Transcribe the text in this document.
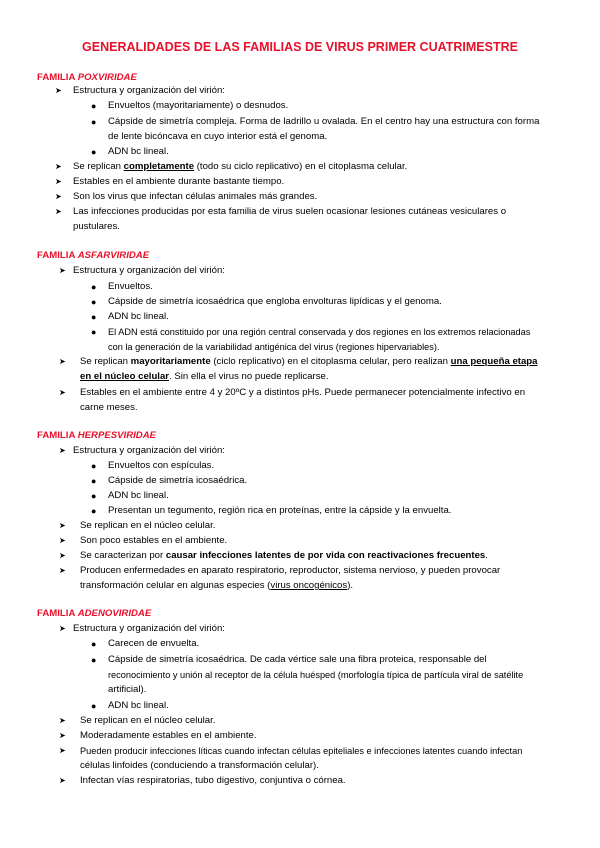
GENERALIDADES DE LAS FAMILIAS DE VIRUS PRIMER CUATRIMESTRE
FAMILIA POXVIRIDAE
➤ Estructura y organización del virión:
● Envueltos (mayoritariamente) o desnudos.
● Cápside de simetría compleja. Forma de ladrillo u ovalada. En el centro hay una estructura con forma
de lente bicóncava en cuyo interior está el genoma.
● ADN bc lineal.
➤ Se replican completamente (todo su ciclo replicativo) en el citoplasma celular.
➤ Estables en el ambiente durante bastante tiempo.
➤ Son los virus que infectan células animales más grandes.
➤ Las infecciones producidas por esta familia de virus suelen ocasionar lesiones cutáneas vesiculares o
pustulares.
FAMILIA ASFARVIRIDAE
➤ Estructura y organización del virión:
● Envueltos.
● Cápside de simetría icosaédrica que engloba envolturas lipídicas y el genoma.
● ADN bc lineal.
● El ADN está constituido por una región central conservada y dos regiones en los extremos relacionadas
con la generación de la variabilidad antigénica del virus (regiones hipervariables).
➤ Se replican mayoritariamente (ciclo replicativo) en el citoplasma celular, pero realizan una pequeña etapa
en el núcleo celular. Sin ella el virus no puede replicarse.
➤ Estables en el ambiente entre 4 y 20ºC y a distintos pHs. Puede permanecer potencialmente infectivo en
carne meses.
FAMILIA HERPESVIRIDAE
➤ Estructura y organización del virión:
● Envueltos con espículas.
● Cápside de simetría icosaédrica.
● ADN bc lineal.
● Presentan un tegumento, región rica en proteínas, entre la cápside y la envuelta.
➤ Se replican en el núcleo celular.
➤ Son poco estables en el ambiente.
➤ Se caracterizan por causar infecciones latentes de por vida con reactivaciones frecuentes.
➤ Producen enfermedades en aparato respiratorio, reproductor, sistema nervioso, y pueden provocar
transformación celular en algunas especies (virus oncogénicos).
FAMILIA ADENOVIRIDAE
➤ Estructura y organización del virión:
● Carecen de envuelta.
● Cápside de simetría icosaédrica. De cada vértice sale una fibra proteica, responsable del
reconocimiento y unión al receptor de la célula huésped (morfología típica de partícula viral de satélite
artificial).
● ADN bc lineal.
➤ Se replican en el núcleo celular.
➤ Moderadamente estables en el ambiente.
➤ Pueden producir infecciones líticas cuando infectan células epiteliales e infecciones latentes cuando infectan
células linfoides (conduciendo a transformación celular).
➤ Infectan vías respiratorias, tubo digestivo, conjuntiva o córnea.
